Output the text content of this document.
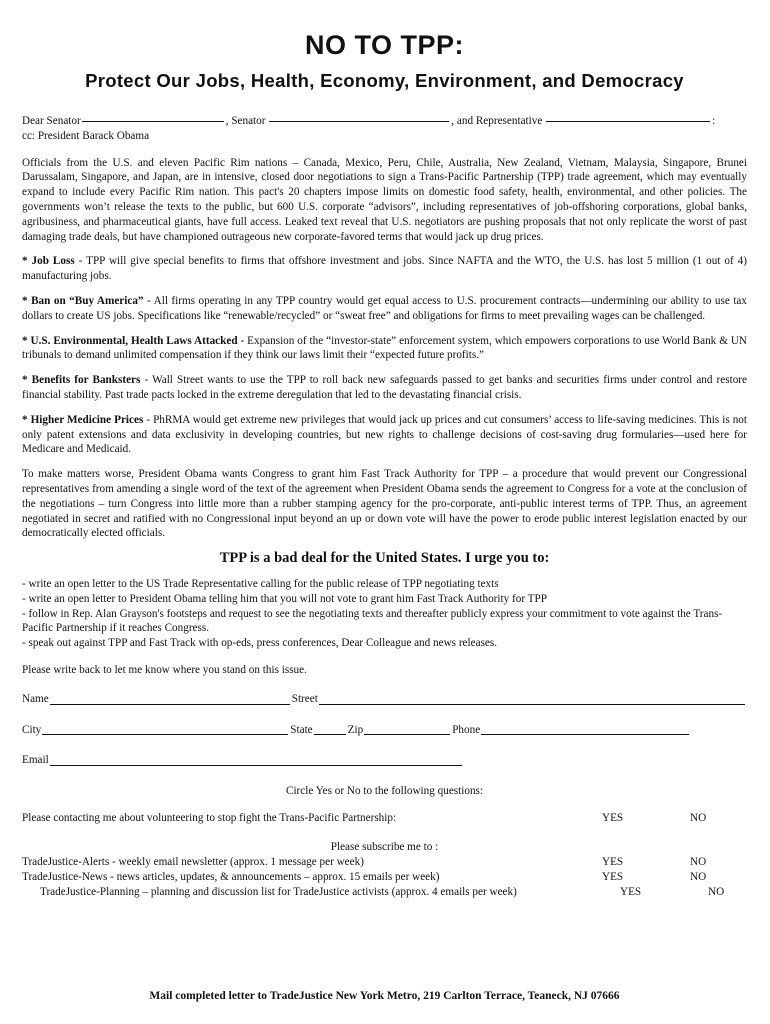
NO TO TPP:
Protect Our Jobs, Health, Economy, Environment, and Democracy

Dear Senator	, Senator	, and Representative	:
cc: President Barack Obama

Officials from the U.S. and eleven Pacific Rim nations – Canada, Mexico, Peru, Chile, Australia, New Zealand, Vietnam, Malaysia, Singapore, Brunei Darussalam, Singapore, and Japan, are in intensive, closed door negotiations to sign a Trans-Pacific Partnership (TPP) trade agreement, which may eventually expand to include every Pacific Rim nation. This pact's 20 chapters impose limits on domestic food safety, health, environmental, and other policies. The governments won’t release the texts to the public, but 600 U.S. corporate “advisors”, including representatives of job-offshoring corporations, global banks, agribusiness, and pharmaceutical giants, have full access. Leaked text reveal that U.S. negotiators are pushing proposals that not only replicate the worst of past damaging trade deals, but have championed outrageous new corporate-favored terms that would jack up drug prices.

* Job Loss - TPP will give special benefits to firms that offshore investment and jobs. Since NAFTA and the WTO, the U.S. has lost 5 million (1 out of 4) manufacturing jobs.

* Ban on “Buy America” - All firms operating in any TPP country would get equal access to U.S. procurement contracts—undermining our ability to use tax dollars to create US jobs. Specifications like “renewable/recycled” or “sweat free” and obligations for firms to meet prevailing wages can be challenged.

* U.S. Environmental, Health Laws Attacked - Expansion of the “investor-state” enforcement system, which empowers corporations to use World Bank & UN tribunals to demand unlimited compensation if they think our laws limit their “expected future profits.”

* Benefits for Banksters - Wall Street wants to use the TPP to roll back new safeguards passed to get banks and securities firms under control and restore financial stability. Past trade pacts locked in the extreme deregulation that led to the devastating financial crisis.

* Higher Medicine Prices - PhRMA would get extreme new privileges that would jack up prices and cut consumers’ access to life-saving medicines. This is not only patent extensions and data exclusivity in developing countries, but new rights to challenge decisions of cost-saving drug formularies—used here for Medicare and Medicaid.

To make matters worse, President Obama wants Congress to grant him Fast Track Authority for TPP – a procedure that would prevent our Congressional representatives from amending a single word of the text of the agreement when President Obama sends the agreement to Congress for a vote at the conclusion of the negotiations – turn Congress into little more than a rubber stamping agency for the pro-corporate, anti-public interest terms of TPP. Thus, an agreement negotiated in secret and ratified with no Congressional input beyond an up or down vote will have the power to erode public interest legislation enacted by our democratically elected officials.

TPP is a bad deal for the United States. I urge you to:
- write an open letter to the US Trade Representative calling for the public release of TPP negotiating texts
- write an open letter to President Obama telling him that you will not vote to grant him Fast Track Authority for TPP
- follow in Rep. Alan Grayson's footsteps and request to see the negotiating texts and thereafter publicly express your commitment to vote against the Trans-Pacific Partnership if it reaches Congress.
- speak out against TPP and Fast Track with op-eds, press conferences, Dear Colleague and news releases.

Please write back to let me know where you stand on this issue.

Name	Street
City	State	Zip	Phone
Email
Circle Yes or No to the following questions:
Please contacting me about volunteering to stop fight the Trans-Pacific Partnership:	YES	NO
Please subscribe me to :
TradeJustice-Alerts - weekly email newsletter (approx. 1 message per week)	YES	NO
TradeJustice-News - news articles, updates, & announcements – approx. 15 emails per week)	YES	NO
TradeJustice-Planning – planning and discussion list for TradeJustice activists (approx. 4 emails per week)	YES	NO
Mail completed letter to TradeJustice New York Metro, 219 Carlton Terrace, Teaneck, NJ 07666
